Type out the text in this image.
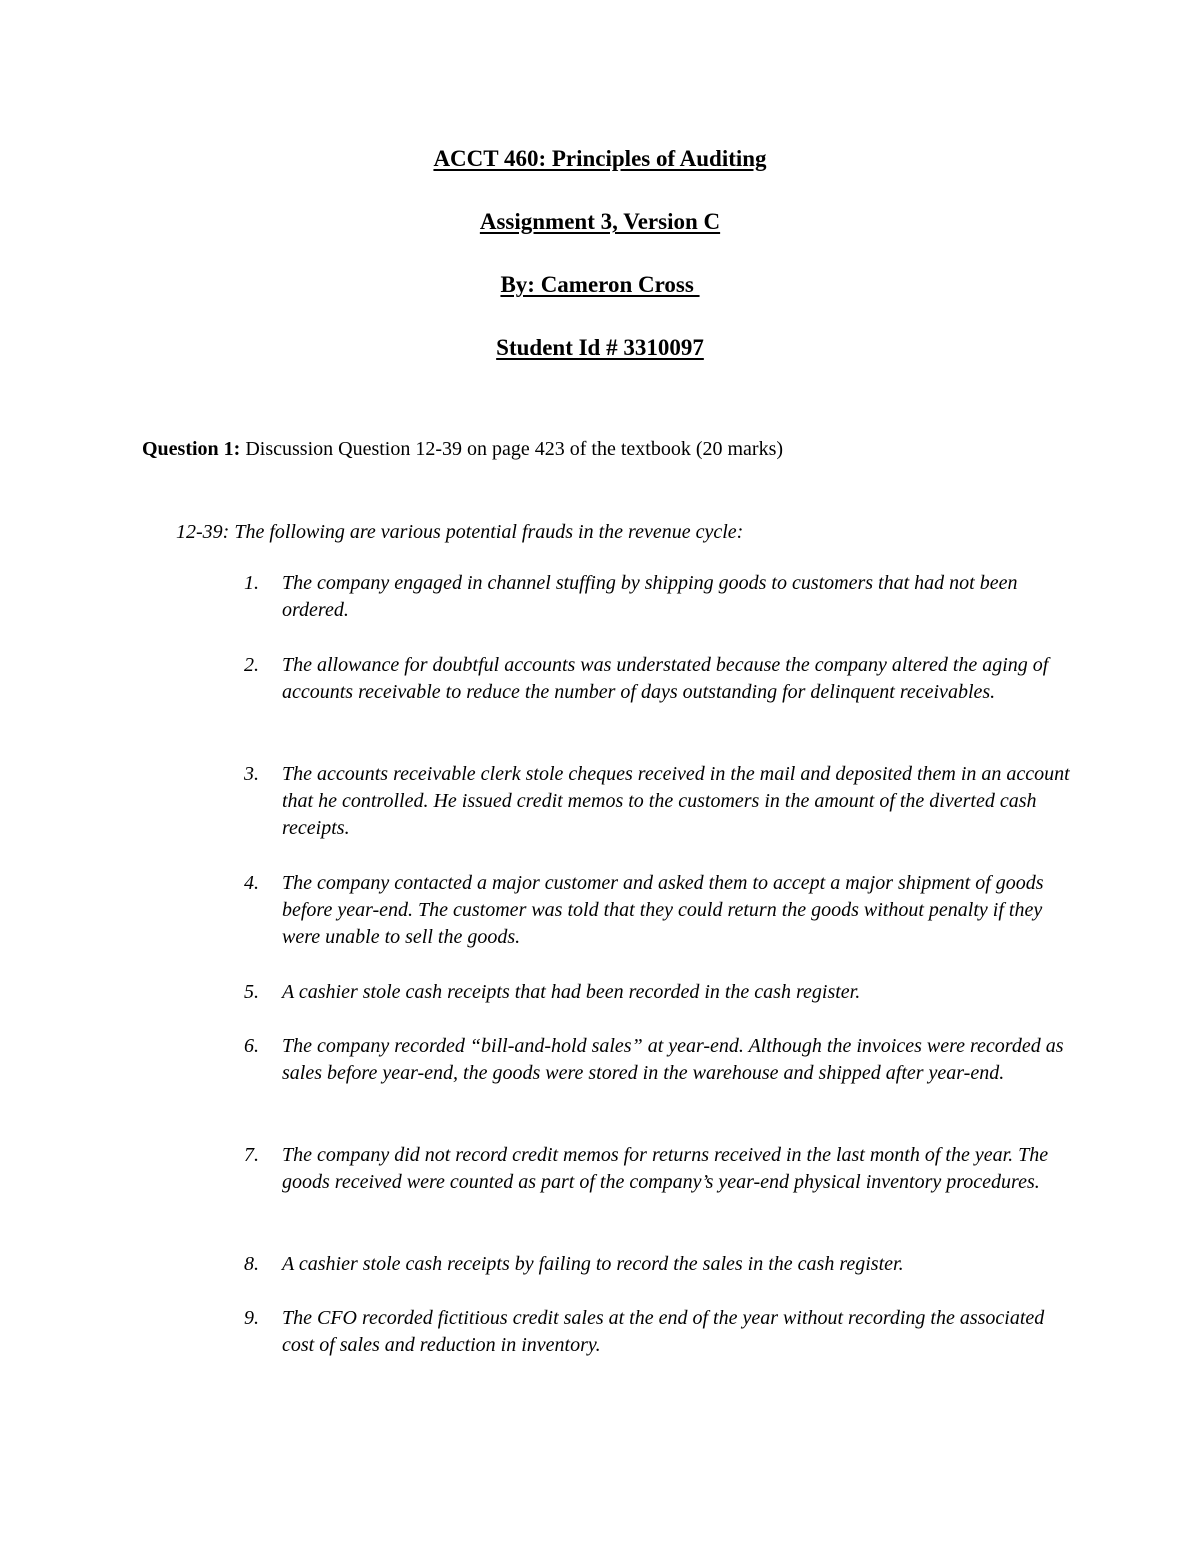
ACCT 460: Principles of Auditing
Assignment 3, Version C
By: Cameron Cross
Student Id # 3310097
Question 1: Discussion Question 12-39 on page 423 of the textbook (20 marks)
12-39: The following are various potential frauds in the revenue cycle:
1.	The company engaged in channel stuffing by shipping goods to customers that had not been ordered.
2.	The allowance for doubtful accounts was understated because the company altered the aging of accounts receivable to reduce the number of days outstanding for delinquent receivables.
3.	The accounts receivable clerk stole cheques received in the mail and deposited them in an account that he controlled. He issued credit memos to the customers in the amount of the diverted cash receipts.
4.	The company contacted a major customer and asked them to accept a major shipment of goods before year-end. The customer was told that they could return the goods without penalty if they were unable to sell the goods.
5.	A cashier stole cash receipts that had been recorded in the cash register.
6.	The company recorded “bill-and-hold sales” at year-end. Although the invoices were recorded as sales before year-end, the goods were stored in the warehouse and shipped after year-end.
7.	The company did not record credit memos for returns received in the last month of the year. The goods received were counted as part of the company’s year-end physical inventory procedures.
8.	A cashier stole cash receipts by failing to record the sales in the cash register.
9.	The CFO recorded fictitious credit sales at the end of the year without recording the associated cost of sales and reduction in inventory.
